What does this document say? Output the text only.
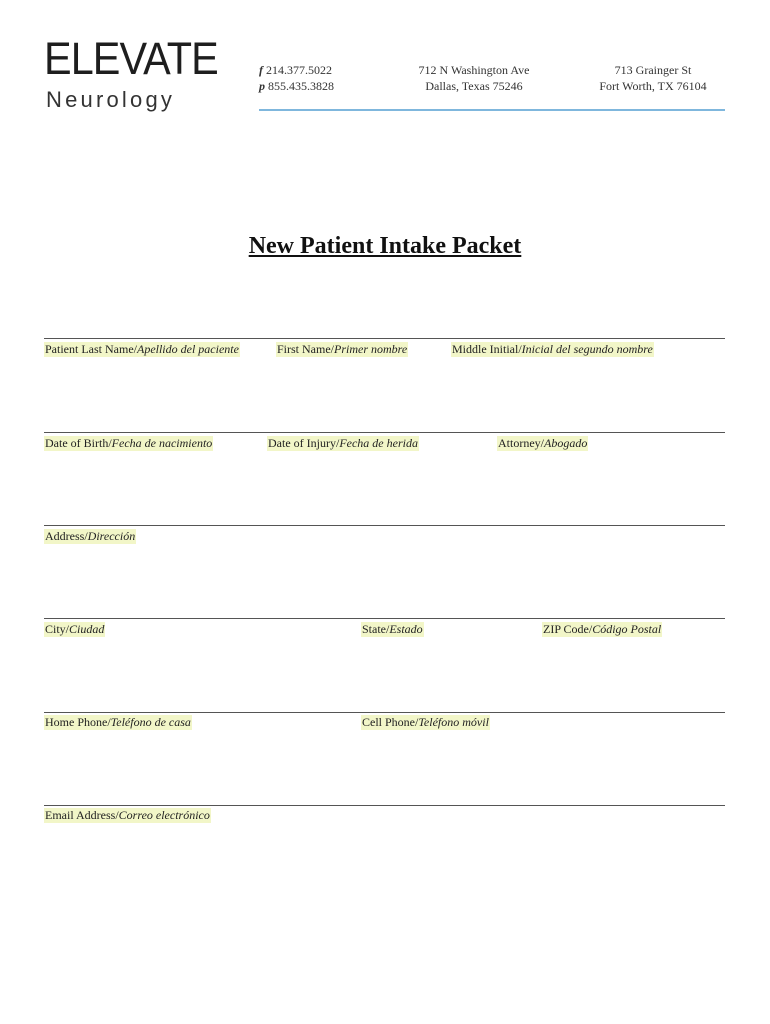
ELEVATE
Neurology
f 214.377.5022
p 855.435.3828
712 N Washington Ave
Dallas, Texas 75246
713 Grainger St
Fort Worth, TX 76104
New Patient Intake Packet
Patient Last Name/Apellido del paciente	First Name/Primer nombre	Middle Initial/Inicial del segundo nombre
Date of Birth/Fecha de nacimiento	Date of Injury/Fecha de herida	Attorney/Abogado
Address/Dirección
City/Ciudad	State/Estado	ZIP Code/Código Postal
Home Phone/Teléfono de casa	Cell Phone/Teléfono móvil
Email Address/Correo electrónico
